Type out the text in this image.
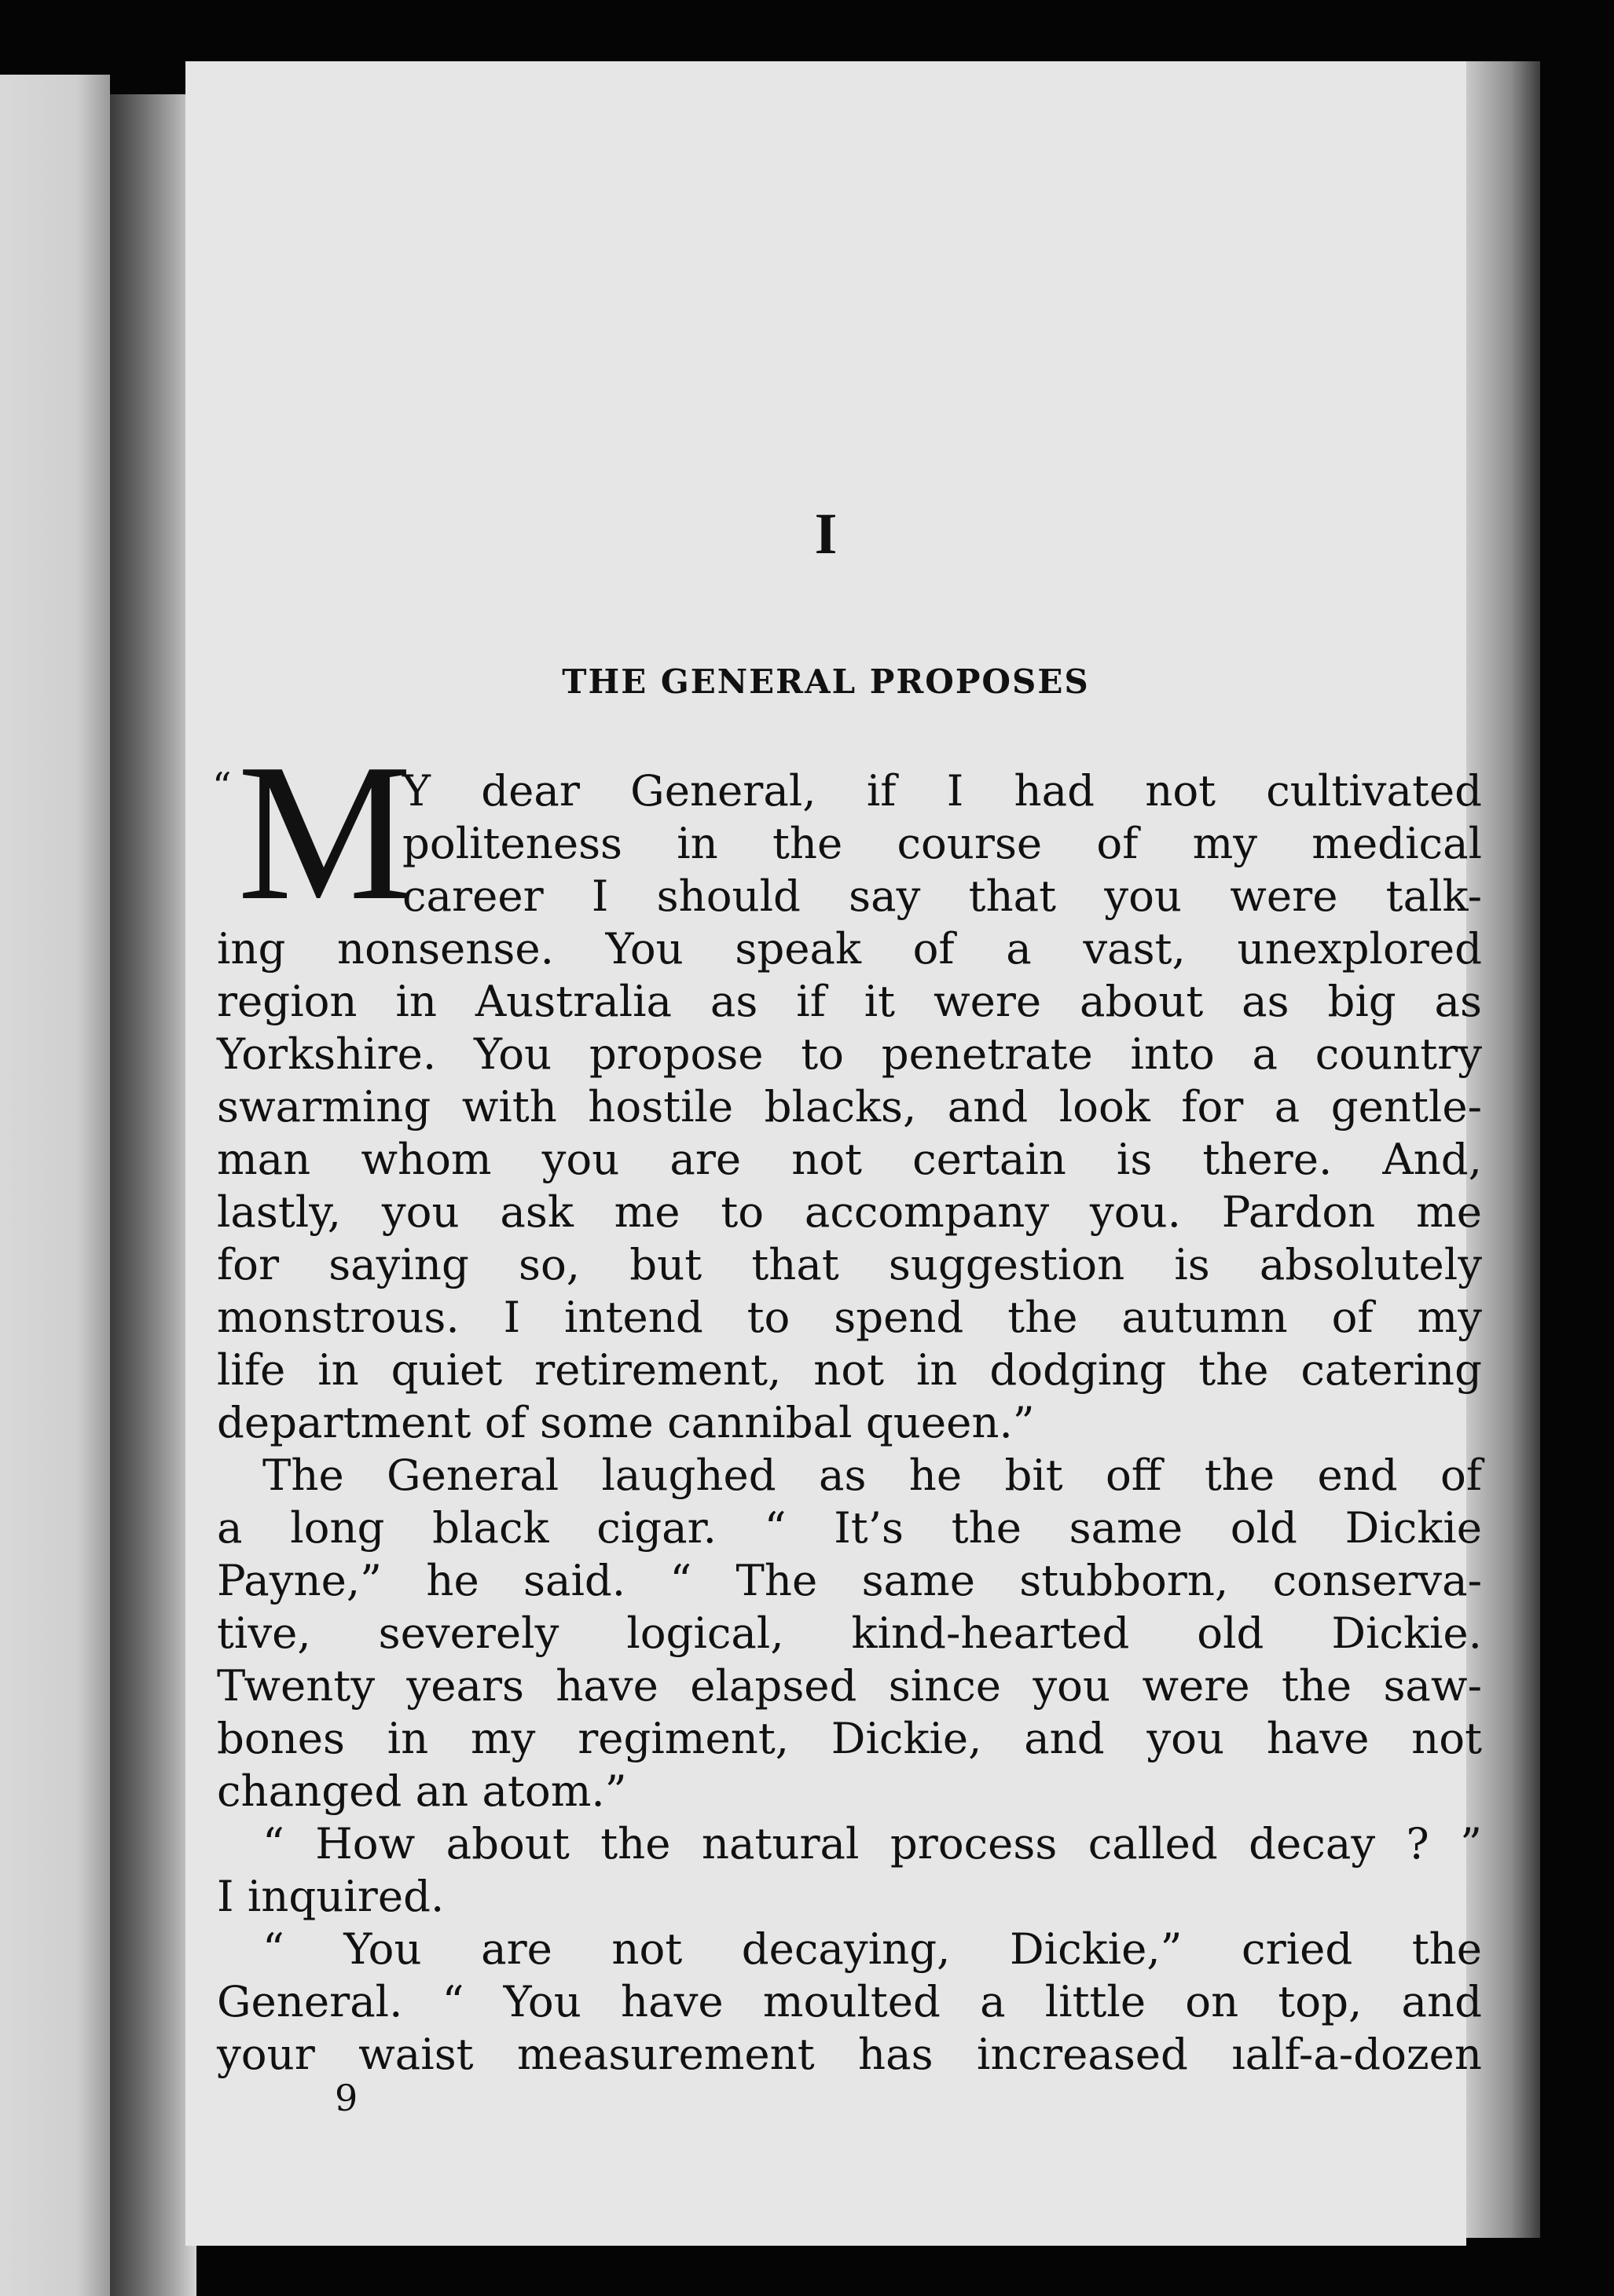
I
THE GENERAL PROPOSES
“ M
Y dear General, if I had not cultivated
politeness in the course of my medical
career I should say that you were talk-
ing nonsense. You speak of a vast, unexplored
region in Australia as if it were about as big as
Yorkshire. You propose to penetrate into a country
swarming with hostile blacks, and look for a gentle-
man whom you are not certain is there. And,
lastly, you ask me to accompany you. Pardon me
for saying so, but that suggestion is absolutely
monstrous. I intend to spend the autumn of my
life in quiet retirement, not in dodging the catering
department of some cannibal queen.”
The General laughed as he bit off the end of
a long black cigar. “ It’s the same old Dickie
Payne,” he said. “ The same stubborn, conserva-
tive, severely logical, kind-hearted old Dickie.
Twenty years have elapsed since you were the saw-
bones in my regiment, Dickie, and you have not
changed an atom.”
“ How about the natural process called decay ? ”
I inquired.
“ You are not decaying, Dickie,” cried the
General. “ You have moulted a little on top, and
your waist measurement has increased ıalf-a-dozen

9
